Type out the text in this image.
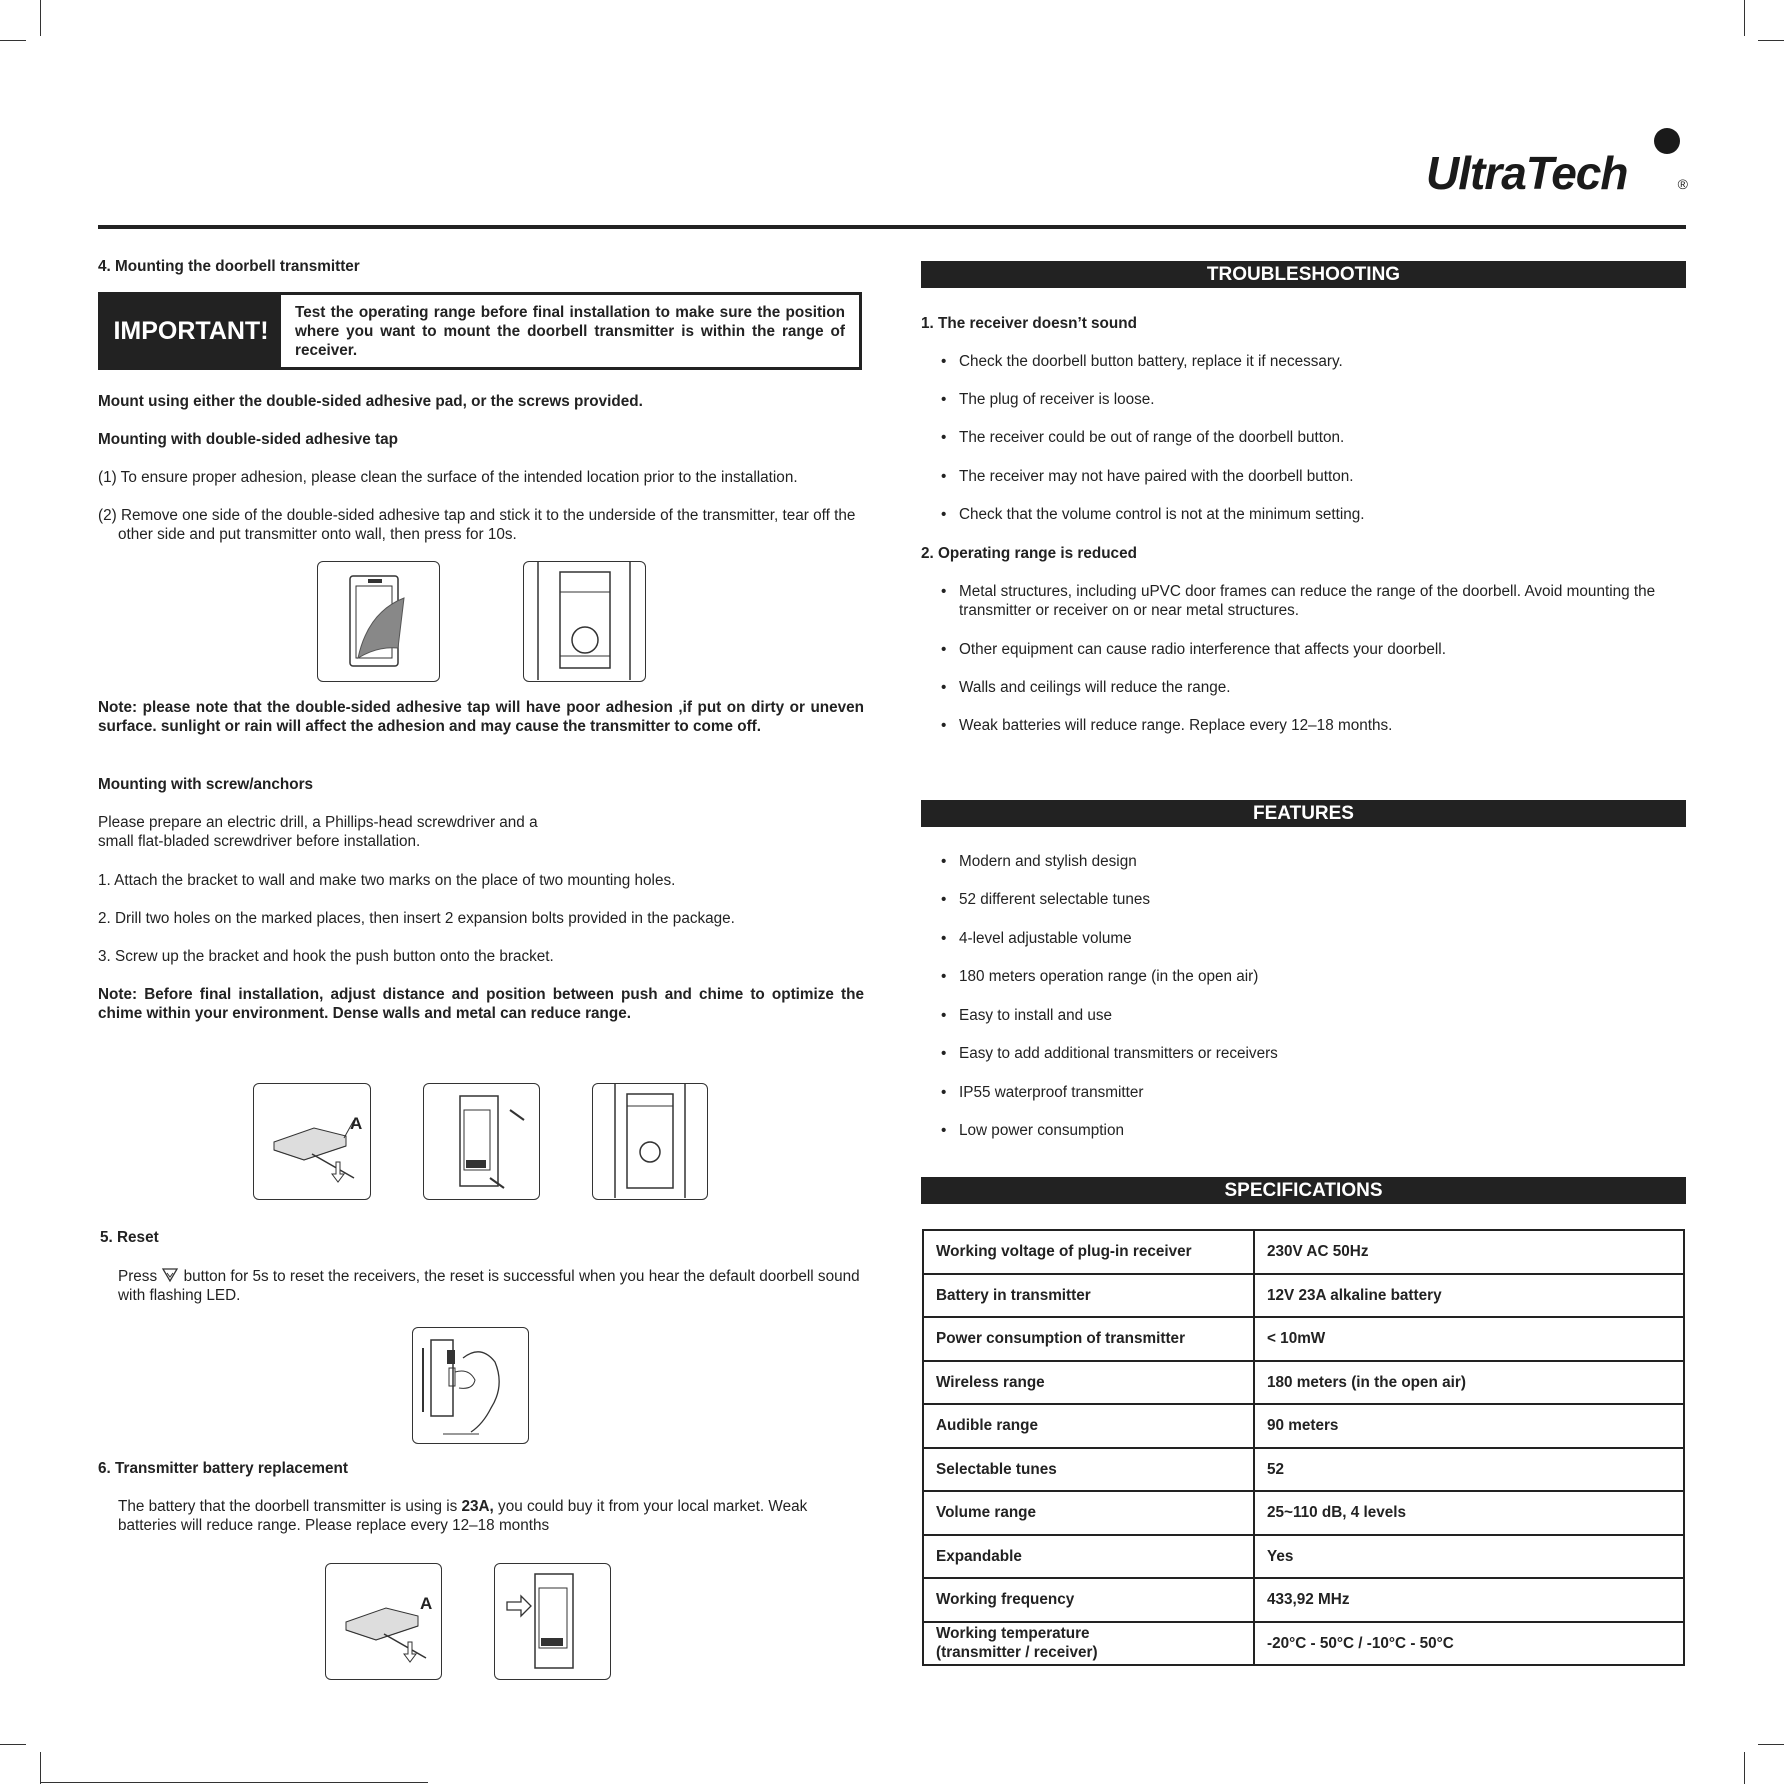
UltraTech	®
4. Mounting the doorbell transmitter
IMPORTANT!
Test the operating range before final installation to make sure the position where you want to mount the doorbell transmitter is within the range of receiver.
Mount using either the double-sided adhesive pad, or the screws provided.
Mounting with double-sided adhesive tap
(1) To ensure proper adhesion, please clean the surface of the intended location prior to the installation.
(2) Remove one side of the double-sided adhesive tap and stick it to the underside of the transmitter, tear off the other side and put transmitter onto wall, then press for 10s.
Note: please note that the double-sided adhesive tap will have poor adhesion ,if put on dirty or uneven surface. sunlight or rain will affect the adhesion and may cause the transmitter to come off.
Mounting with screw/anchors
Please prepare an electric drill, a Phillips-head screwdriver and a
small flat-bladed screwdriver before installation.
1. Attach the bracket to wall and make two marks on the place of two mounting holes.
2. Drill two holes on the marked places, then insert 2 expansion bolts provided in the package.
3. Screw up the bracket and hook the push button onto the bracket.
Note: Before final installation, adjust distance and position between push and chime to optimize the chime within your environment. Dense walls and metal can reduce range.
A
5. Reset
Press button for 5s to reset the receivers, the reset is successful when you hear the default doorbell sound with flashing LED.
6. Transmitter battery replacement
The battery that the doorbell transmitter is using is 23A, you could buy it from your local market. Weak batteries will reduce range. Please replace every 12–18 months
A
TROUBLESHOOTING
1. The receiver doesn’t sound
• Check the doorbell button battery, replace it if necessary.
• The plug of receiver is loose.
• The receiver could be out of range of the doorbell button.
• The receiver may not have paired with the doorbell button.
• Check that the volume control is not at the minimum setting.
2. Operating range is reduced
• Metal structures, including uPVC door frames can reduce the range of the doorbell. Avoid mounting the transmitter or receiver on or near metal structures.
• Other equipment can cause radio interference that affects your doorbell.
• Walls and ceilings will reduce the range.
• Weak batteries will reduce range. Replace every 12–18 months.
FEATURES
• Modern and stylish design
• 52 different selectable tunes
• 4-level adjustable volume
• 180 meters operation range (in the open air)
• Easy to install and use
• Easy to add additional transmitters or receivers
• IP55 waterproof transmitter
• Low power consumption
SPECIFICATIONS
Working voltage of plug-in receiver	230V AC 50Hz
Battery in transmitter	12V 23A alkaline battery
Power consumption of transmitter	< 10mW
Wireless range	180 meters (in the open air)
Audible range	90 meters
Selectable tunes	52
Volume range	25~110 dB, 4 levels
Expandable	Yes
Working frequency	433,92 MHz
Working temperature
(transmitter / receiver)	-20°C - 50°C / -10°C - 50°C
